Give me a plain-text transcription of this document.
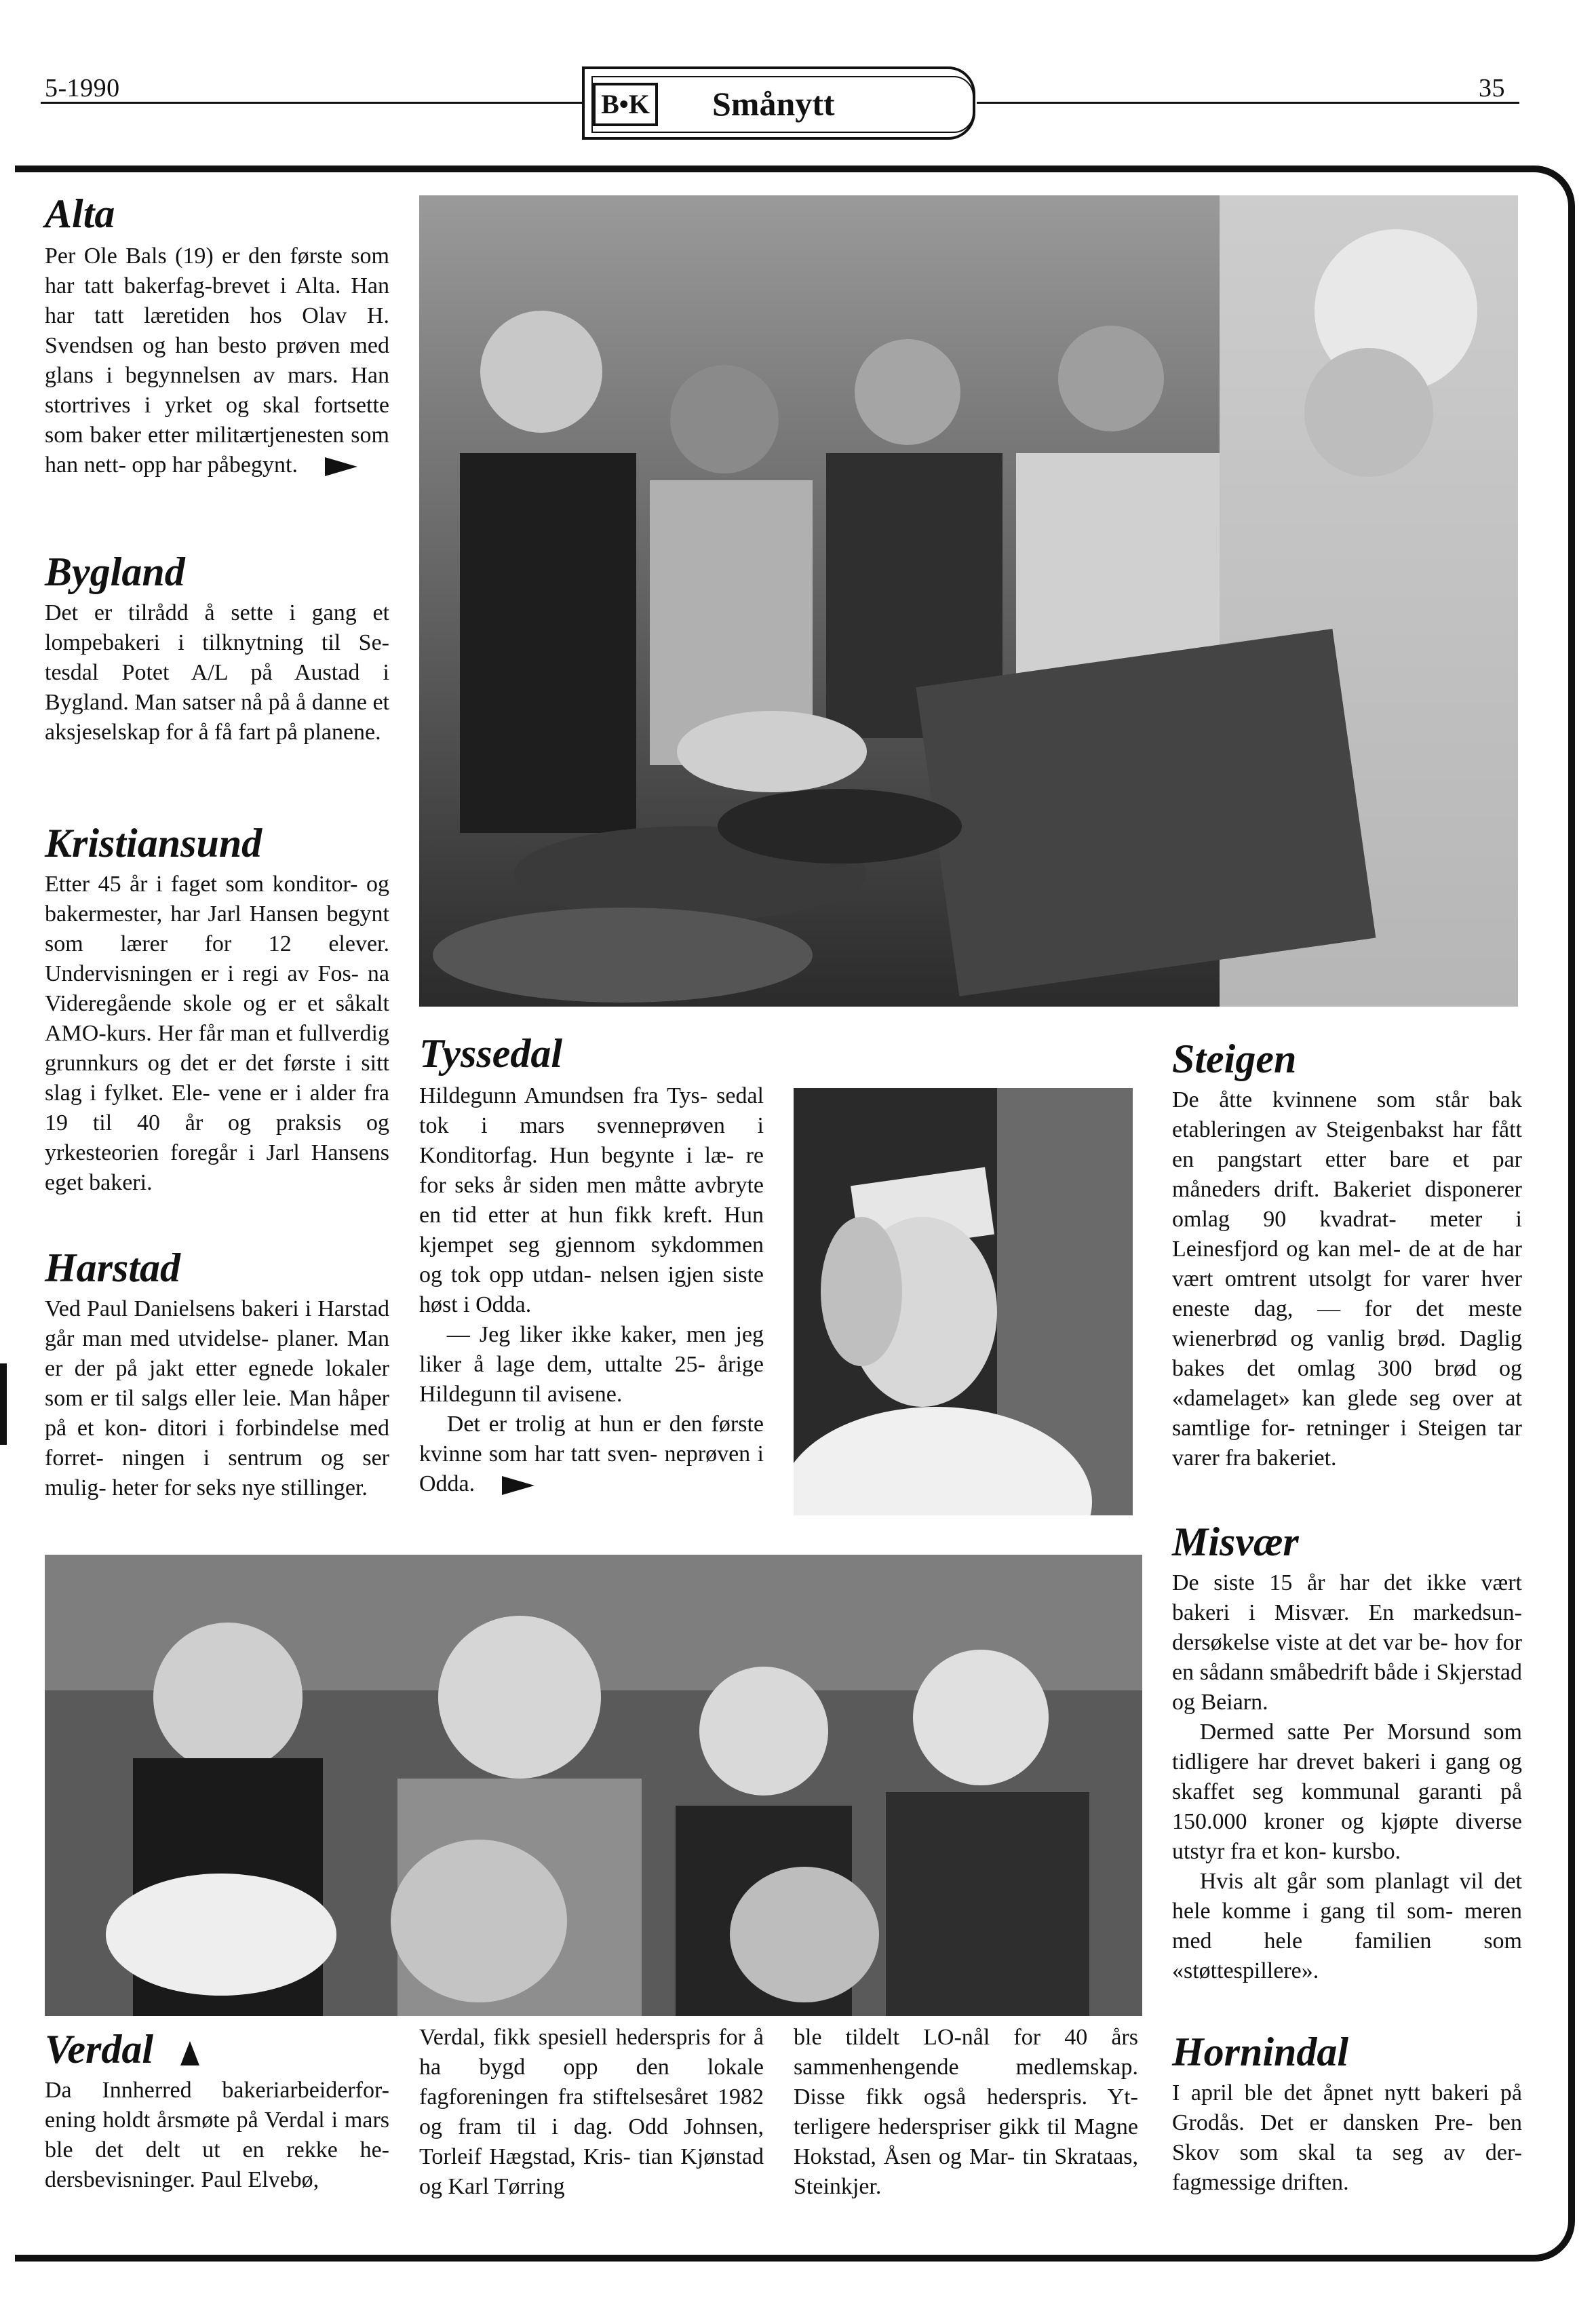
5-1990	35
B•K Smånytt
Alta
Per Ole Bals (19) er den første som har tatt bakerfag-brevet i Alta. Han har tatt læretiden hos Olav H. Svendsen og han besto prøven med glans i begynnelsen av mars. Han stortrives i yrket og skal fortsette som baker etter militærtjenesten som han nett- opp har påbegynt.
Bygland
Det er tilrådd å sette i gang et lompebakeri i tilknytning til Se- tesdal Potet A/L på Austad i Bygland. Man satser nå på å danne et aksjeselskap for å få fart på planene.
Kristiansund
Etter 45 år i faget som konditor- og bakermester, har Jarl Hansen begynt som lærer for 12 elever. Undervisningen er i regi av Fos- na Videregående skole og er et såkalt AMO-kurs. Her får man et fullverdig grunnkurs og det er det første i sitt slag i fylket. Ele- vene er i alder fra 19 til 40 år og praksis og yrkesteorien foregår i Jarl Hansens eget bakeri.
Harstad
Ved Paul Danielsens bakeri i Harstad går man med utvidelse- planer. Man er der på jakt etter egnede lokaler som er til salgs eller leie. Man håper på et kon- ditori i forbindelse med forret- ningen i sentrum og ser mulig- heter for seks nye stillinger.
Tyssedal

Hildegunn Amundsen fra Tys- sedal tok i mars svenneprøven i Konditorfag. Hun begynte i læ- re for seks år siden men måtte avbryte en tid etter at hun fikk kreft. Hun kjempet seg gjennom sykdommen og tok opp utdan- nelsen igjen siste høst i Odda.

— Jeg liker ikke kaker, men jeg liker å lage dem, uttalte 25- årige Hildegunn til avisene.

Det er trolig at hun er den første kvinne som har tatt sven- neprøven i Odda.

Steigen
De åtte kvinnene som står bak etableringen av Steigenbakst har fått en pangstart etter bare et par måneders drift. Bakeriet disponerer omlag 90 kvadrat- meter i Leinesfjord og kan mel- de at de har vært omtrent utsolgt for varer hver eneste dag, — for det meste wienerbrød og vanlig brød. Daglig bakes det omlag 300 brød og «damelaget» kan glede seg over at samtlige for- retninger i Steigen tar varer fra bakeriet.
Misvær

De siste 15 år har det ikke vært bakeri i Misvær. En markedsun- dersøkelse viste at det var be- hov for en sådann småbedrift både i Skjerstad og Beiarn.

Dermed satte Per Morsund som tidligere har drevet bakeri i gang og skaffet seg kommunal garanti på 150.000 kroner og kjøpte diverse utstyr fra et kon- kursbo.

Hvis alt går som planlagt vil det hele komme i gang til som- meren med hele familien som «støttespillere».

Verdal
Da Innherred bakeriarbeiderfor- ening holdt årsmøte på Verdal i mars ble det delt ut en rekke he- dersbevisninger. Paul Elvebø,
Verdal, fikk spesiell hederspris for å ha bygd opp den lokale fagforeningen fra stiftelsesåret 1982 og fram til i dag. Odd Johnsen, Torleif Hægstad, Kris- tian Kjønstad og Karl Tørring
ble tildelt LO-nål for 40 års sammenhengende medlemskap. Disse fikk også hederspris. Yt- terligere hederspriser gikk til Magne Hokstad, Åsen og Mar- tin Skrataas, Steinkjer.
Hornindal
I april ble det åpnet nytt bakeri på Grodås. Det er dansken Pre- ben Skov som skal ta seg av der- fagmessige driften.
